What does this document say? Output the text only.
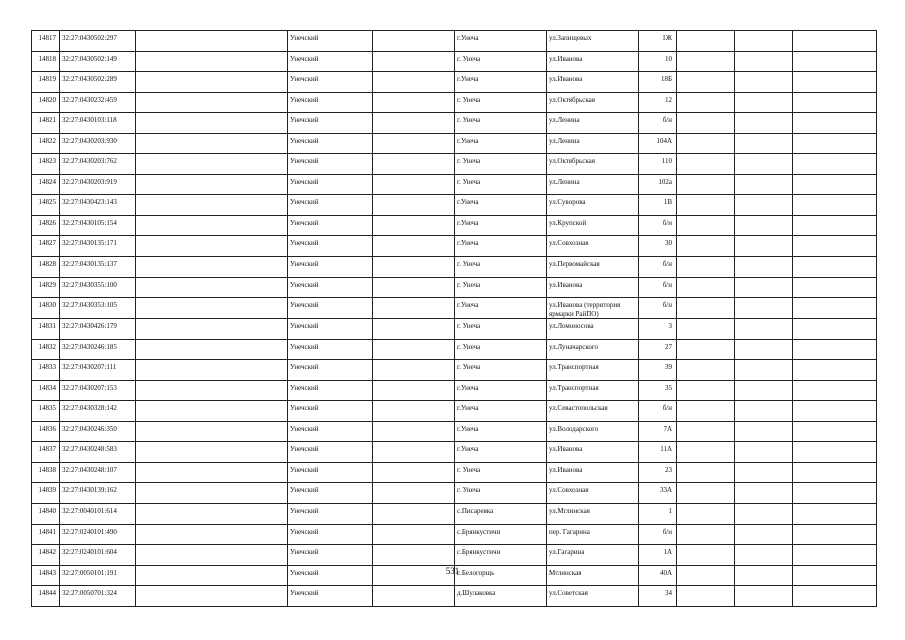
14817	32:27:0430502:297		Унечский		г.Унеча	ул.Запищевых	1Ж			
14818	32:27:0430502:149		Унечский		г. Унеча	ул.Иванова	10			
14819	32:27:0430502:289		Унечский		г.Унеча	ул.Иванова	18Б			
14820	32:27:0430232:459		Унечский		г. Унеча	ул.Октябрьская	12			
14821	32:27:0430103:118		Унечский		г. Унеча	ул.Ленина	б/н			
14822	32:27:0430203:930		Унечский		г.Унеча	ул.Ленина	104А			
14823	32:27:0430203:762		Унечский		г. Унеча	ул.Октябрьская	110			
14824	32:27:0430203:919		Унечский		г. Унеча	ул.Ленина	102а			
14825	32:27:0430423:143		Унечский		г.Унеча	ул.Суворова	1В			
14826	32:27:0430105:154		Унечский		г.Унеча	ул.Крупской	б/н			
14827	32:27:0430135:171		Унечский		г.Унеча	ул.Совхозная	30			
14828	32:27:0430135:137		Унечский		г. Унеча	ул.Первомайская	б/н			
14829	32:27:0430355:100		Унечский		г. Унеча	ул.Иванова	б/н			
14830	32:27:0430353:105		Унечский		г.Унеча	ул.Иванова (территория ярмарки РайПО)	б/н			
14831	32:27:0430426:179		Унечский		г. Унеча	ул.Ломоносова	3			
14832	32:27:0430246:185		Унечский		г. Унеча	ул.Луначарского	27			
14833	32:27:0430207:111		Унечский		г. Унеча	ул.Транспортная	39			
14834	32:27:0430207:153		Унечский		г.Унеча	ул.Транспортная	35			
14835	32:27:0430328:142		Унечский		г.Унеча	ул.Севастопольская	б/н			
14836	32:27:0430246:350		Унечский		г.Унеча	ул.Володарского	7А			
14837	32:27:0430248:583		Унечский		г.Унеча	ул.Иванова	11А			
14838	32:27:0430248:107		Унечский		г. Унеча	ул.Иванова	23			
14839	32:27:0430139:162		Унечский		г. Унеча	ул.Совхозная	33А			
14840	32:27:0040101:614		Унечский		с.Писаревка	ул.Мглинская	1			
14841	32:27:0240101:490		Унечский		с.Брянкустичи	пер. Гагарина	б/н			
14842	32:27:0240101:604		Унечский		с.Брянкустичи	ул.Гагарина	1А			
14843	32:27:0050101:191		Унечский		с.Белогорщь	Мглинская	40А			
14844	32:27:0050701:324		Унечский		д.Шулаковка	ул.Советская	34			
531
